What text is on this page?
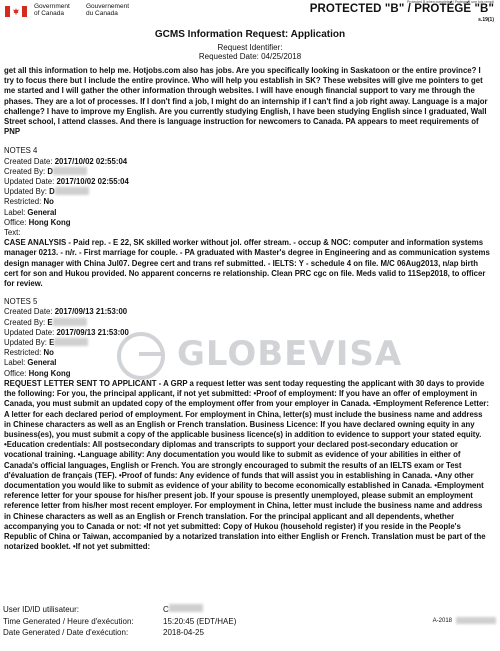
Government
of Canada
Gouvernement
du Canada
Protected B when completed / Protégé B une fois rempli
PROTECTED "B" / PROTÉGÉ "B"
s.19(1)
GCMS Information Request: Application
Request Identifier:
Requested Date: 04/25/2018

get all this information to help me. Hotjobs.com also has jobs. Are you specifically looking in Saskatoon or the entire province? I try to focus there but I include the entire province. Who will help you establish in SK? These websites will give me pointers to get me started and I will gather the other information through websites. I will have enough financial support to vary me through the phases. They are a lot of processes. If I don't find a job, I might do an internship if I can't find a job right away. Language is a major challenge? I have to improve my English. Are you currently studying English, I have been studying English since I graduated, Wall Street school, I attend classes. And there is language instruction for newcomers to Canada. PA appears to meet requirements of PNP

NOTES 4
Created Date: 2017/10/02 02:55:04
Created By: D
Updated Date: 2017/10/02 02:55:04
Updated By: D
Restricted: No
Label: General
Office: Hong Kong
Text:

CASE ANALYSIS - Paid rep. - E 22, SK skilled worker without jol. offer stream. - occup & NOC: computer and information systems manager 0213. - n/r. - First marriage for couple. - PA graduated with Master's degree in Engineering and as communication systems design manager with China Jul07. Degree cert and trans ref submitted. - IELTS: Y - schedule 4 on file. M/C 06Aug2013, n/ap birth cert for son and Hukou provided. No apparent concerns re relationship. Clean PRC cgc on file. Meds valid to 11Sep2018, to officer for review.

NOTES 5
Created Date: 2017/09/13 21:53:00
Created By: E
Updated Date: 2017/09/13 21:53:00
Updated By: E
Restricted: No
Label: General
Office: Hong Kong

REQUEST LETTER SENT TO APPLICANT - A GRP a request letter was sent today requesting the applicant with 30 days to provide the following: For you, the principal applicant, if not yet submitted: •Proof of employment: If you have an offer of employment in Canada, you must submit an updated copy of the employment offer from your employer in Canada. •Employment Reference Letter: A letter for each declared period of employment. For employment in China, letter(s) must include the business name and address in Chinese characters as well as an English or French translation. Business Licence: If you have declared owning equity in any business(es), you must submit a copy of the applicable business licence(s) in addition to evidence to support your stated equity. •Education credentials: All postsecondary diplomas and transcripts to support your declared post-secondary education or vocational training. •Language ability: Any documentation you would like to submit as evidence of your abilities in either of Canada's official languages, English or French. You are strongly encouraged to submit the results of an IELTS exam or Test d'évaluation de français (TEF). •Proof of funds: Any evidence of funds that will assist you in establishing in Canada. •Any other documentation you would like to submit as evidence of your ability to become economically established in Canada. •Employment reference letter for your spouse for his/her present job. If your spouse is presently unemployed, please submit an employment reference letter from his/her most recent employer. For employment in China, letter must include the business name and address in Chinese characters as well as an English or French translation. For the principal applicant and all dependents, whether accompanying you to Canada or not: •If not yet submitted: Copy of Hukou (household register) if you reside in the People's Republic of China or Taiwan, accompanied by a notarized translation into either English or French. Translation must be part of the notarized booklet. •If not yet submitted:

GLOBEVISA
User ID/ID utilisateur:	C
Time Generated / Heure d'exécution:	15:20:45 (EDT/HAE)
Date Generated / Date d'exécution:	2018-04-25
A-2018
